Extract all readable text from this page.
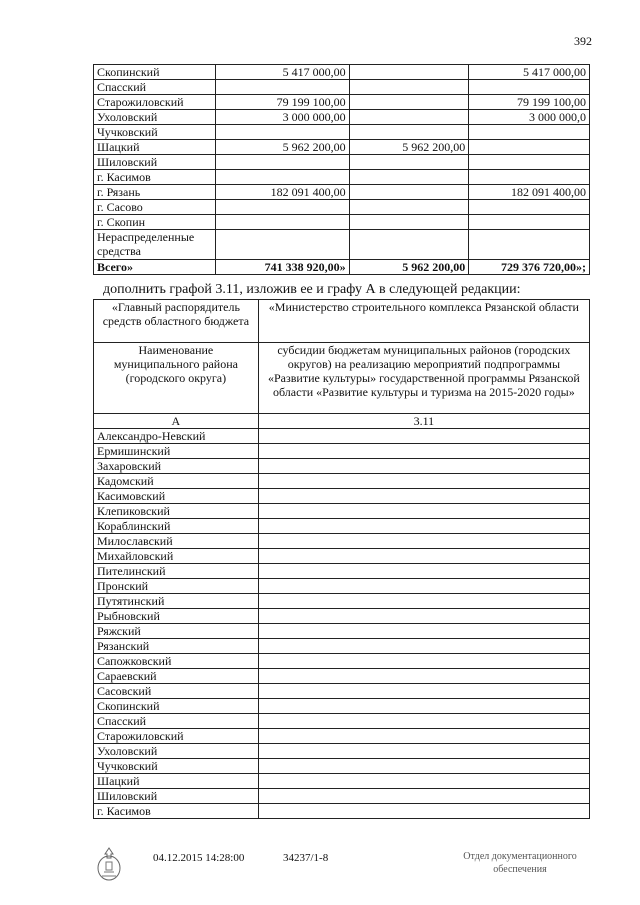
392
Скопинский	5 417 000,00		5 417 000,00
Спасский			
Старожиловский	79 199 100,00		79 199 100,00
Ухоловский	3 000 000,00		3 000 000,0
Чучковский			
Шацкий	5 962 200,00	5 962 200,00	
Шиловский			
г. Касимов			
г. Рязань	182 091 400,00		182 091 400,00
г. Сасово			
г. Скопин			
Нераспределенные средства			
Всего»	741 338 920,00»	5 962 200,00	729 376 720,00»;
дополнить графой 3.11, изложив ее и графу А в следующей редакции:
«Главный распорядитель средств областного бюджета	«Министерство строительного комплекса Рязанской области
Наименование муниципального района (городского округа)	субсидии бюджетам муниципальных районов (городских округов) на реализацию мероприятий подпрограммы «Развитие культуры» государственной программы Рязанской области «Развитие культуры и туризма на 2015-2020 годы»
А	3.11
Александро-Невский	
Ермишинский	
Захаровский	
Кадомский	
Касимовский	
Клепиковский	
Кораблинский	
Милославский	
Михайловский	
Пителинский	
Пронский	
Путятинский	
Рыбновский	
Ряжский	
Рязанский	
Сапожковский	
Сараевский	
Сасовский	
Скопинский	
Спасский	
Старожиловский	
Ухоловский	
Чучковский	
Шацкий	
Шиловский	
г. Касимов	
04.12.2015 14:28:00	34237/1-8	Отдел документационного обеспечения
